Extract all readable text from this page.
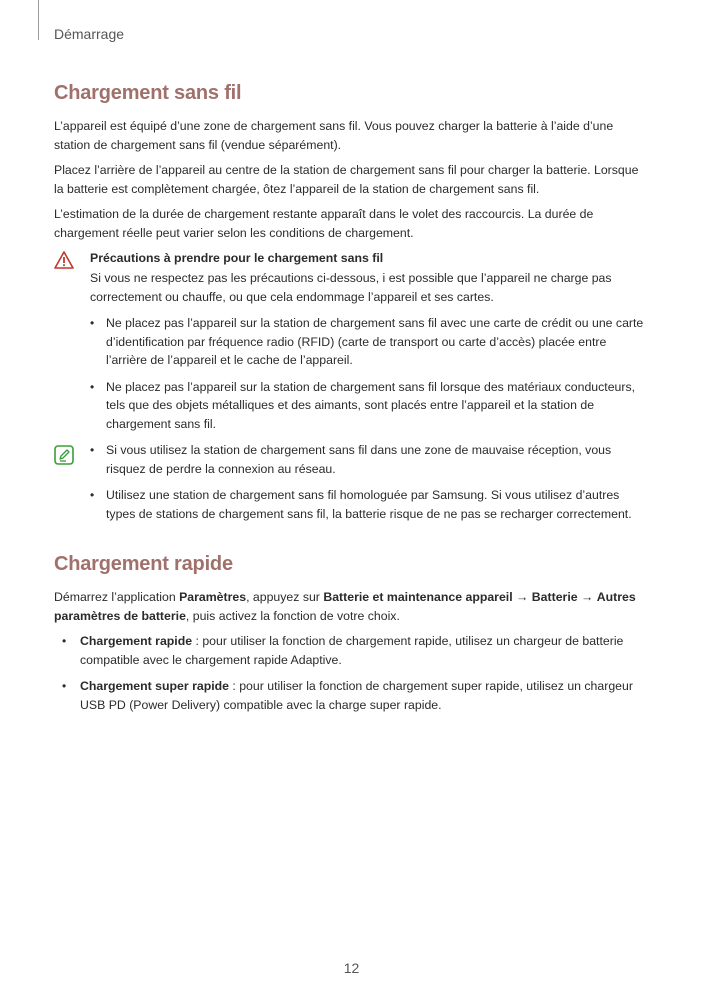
Démarrage
Chargement sans fil

L’appareil est équipé d’une zone de chargement sans fil. Vous pouvez charger la batterie à l’aide d’une station de chargement sans fil (vendue séparément).

Placez l’arrière de l’appareil au centre de la station de chargement sans fil pour charger la batterie. Lorsque la batterie est complètement chargée, ôtez l’appareil de la station de chargement sans fil.

L’estimation de la durée de chargement restante apparaît dans le volet des raccourcis. La durée de chargement réelle peut varier selon les conditions de chargement.

Précautions à prendre pour le chargement sans fil

Si vous ne respectez pas les précautions ci-dessous, i est possible que l’appareil ne charge pas correctement ou chauffe, ou que cela endommage l’appareil et ses cartes.

• Ne placez pas l’appareil sur la station de chargement sans fil avec une carte de crédit ou une carte d’identification par fréquence radio (RFID) (carte de transport ou carte d’accès) placée entre l’arrière de l’appareil et le cache de l’appareil.
• Ne placez pas l’appareil sur la station de chargement sans fil lorsque des matériaux conducteurs, tels que des objets métalliques et des aimants, sont placés entre l’appareil et la station de chargement sans fil.
• Si vous utilisez la station de chargement sans fil dans une zone de mauvaise réception, vous risquez de perdre la connexion au réseau.
• Utilisez une station de chargement sans fil homologuée par Samsung. Si vous utilisez d’autres types de stations de chargement sans fil, la batterie risque de ne pas se recharger correctement.
Chargement rapide

Démarrez l’application Paramètres, appuyez sur Batterie et maintenance appareil → Batterie → Autres paramètres de batterie, puis activez la fonction de votre choix.

• Chargement rapide : pour utiliser la fonction de chargement rapide, utilisez un chargeur de batterie compatible avec le chargement rapide Adaptive.
• Chargement super rapide : pour utiliser la fonction de chargement super rapide, utilisez un chargeur USB PD (Power Delivery) compatible avec la charge super rapide.
12
